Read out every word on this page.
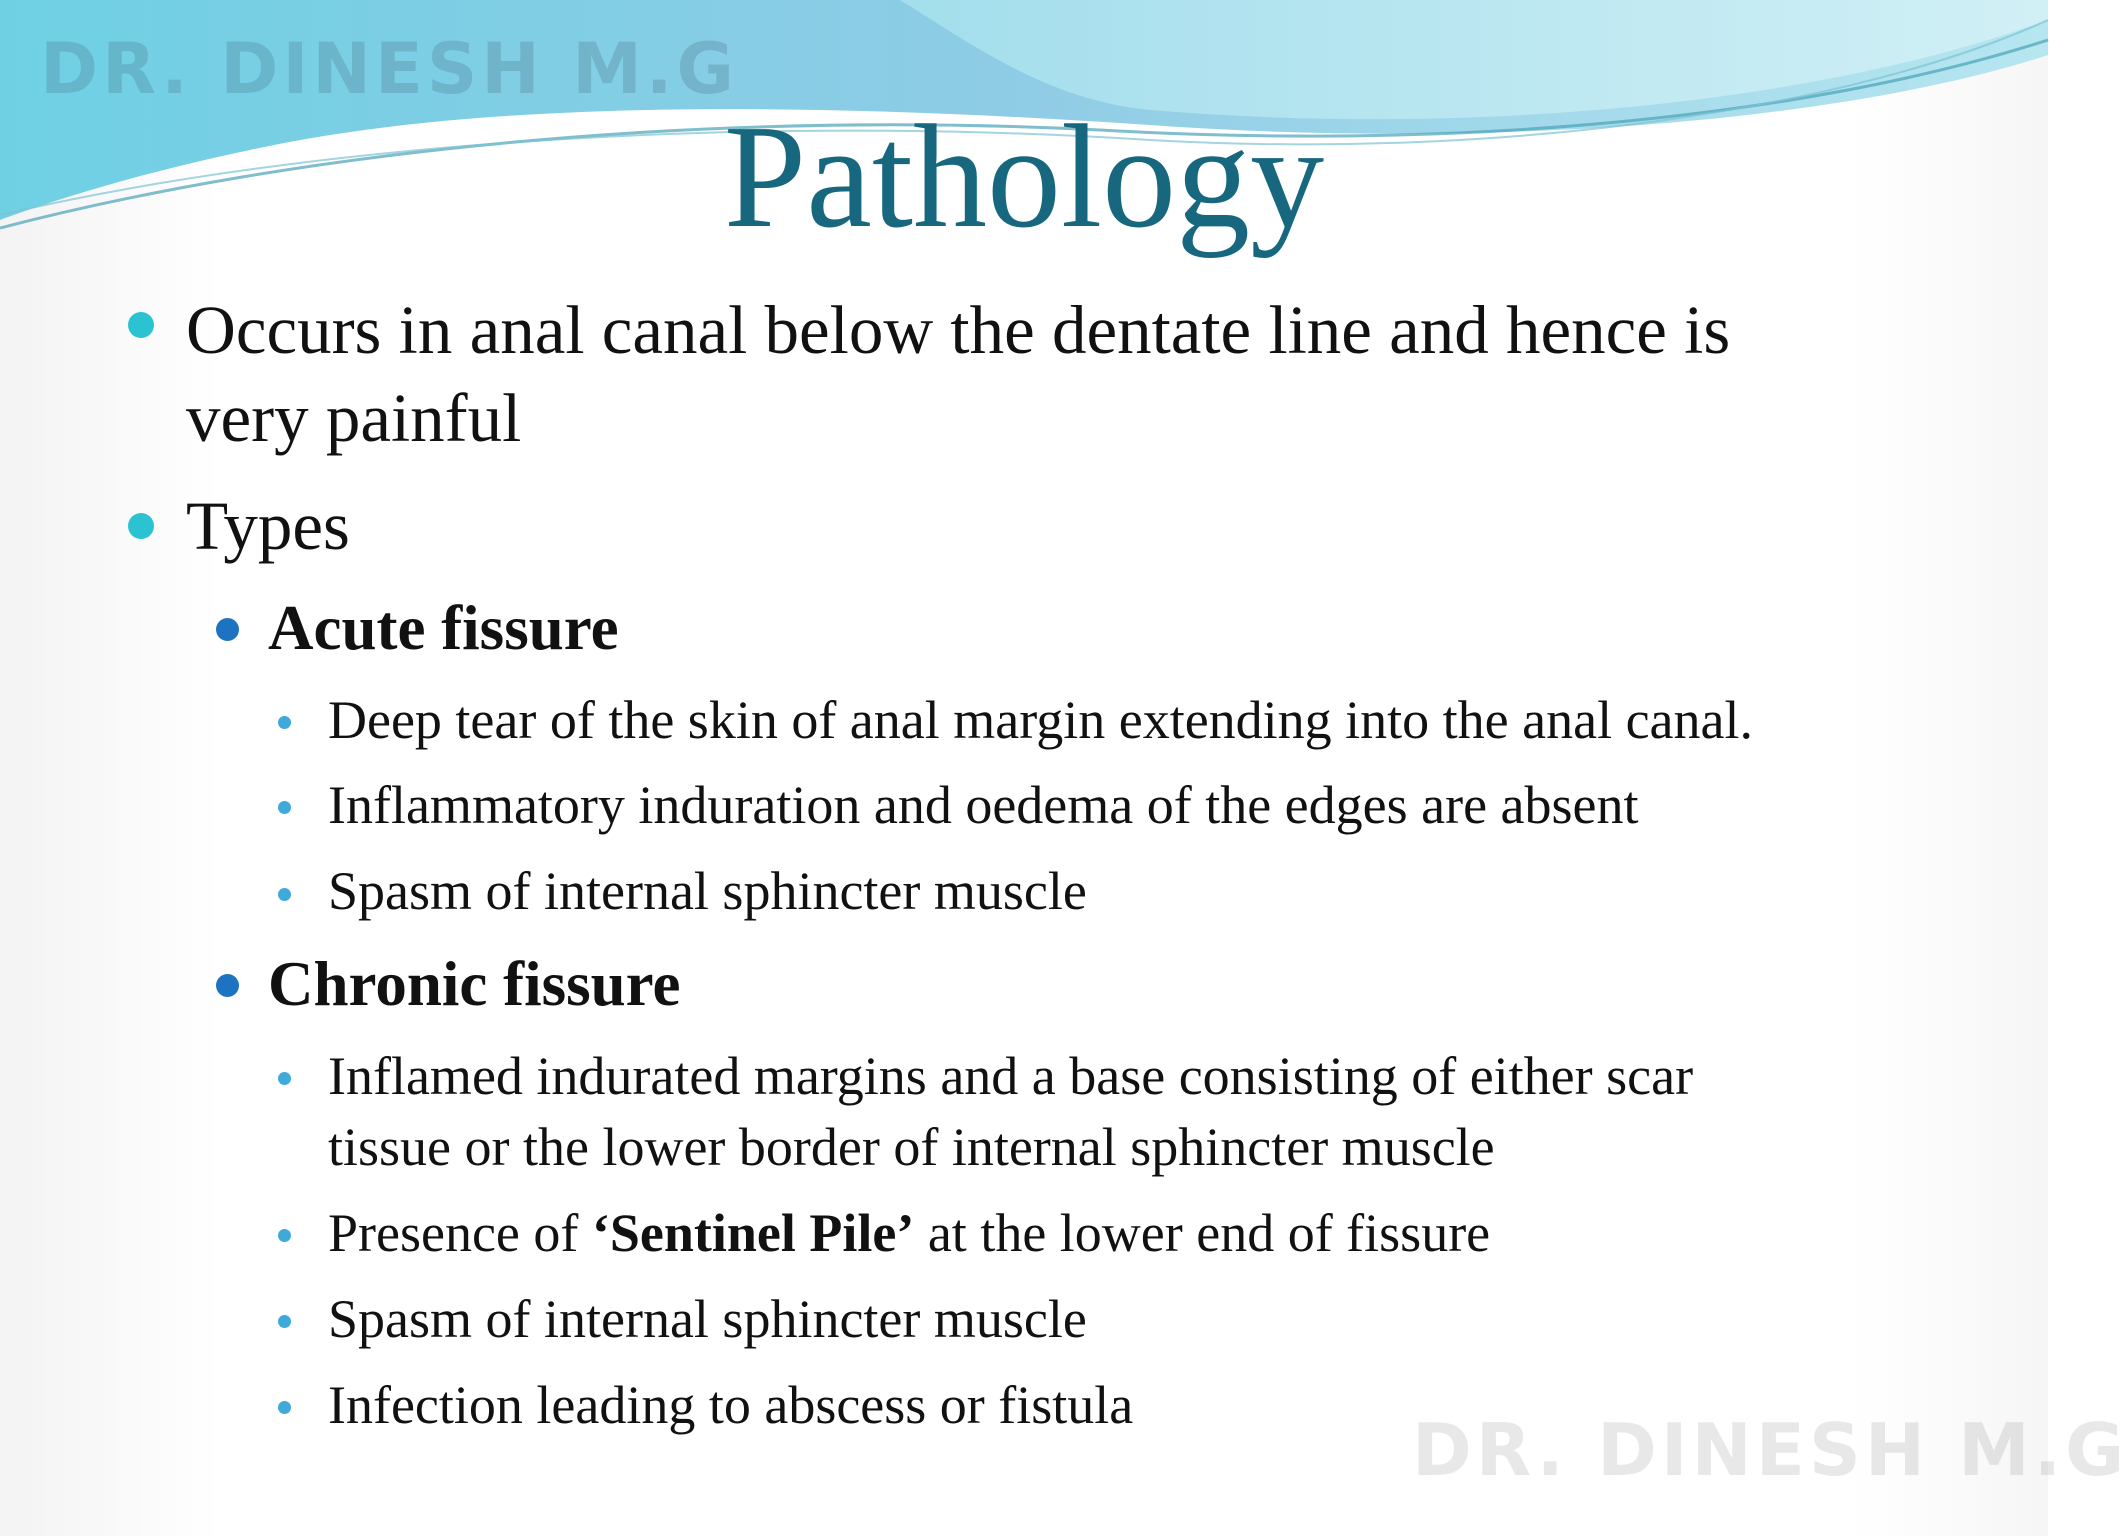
DR. DINESH M.G
Pathology
Occurs in anal canal below the dentate line and hence is
very painful
Types
Acute fissure
Deep tear of the skin of anal margin extending into the anal canal.
Inflammatory induration and oedema of the edges are absent
Spasm of internal sphincter muscle
Chronic fissure
Inflamed indurated margins and a base consisting of either scar
tissue or the lower border of internal sphincter muscle
Presence of ‘Sentinel Pile’ at the lower end of fissure
Spasm of internal sphincter muscle
Infection leading to abscess or fistula
DR. DINESH M.G
